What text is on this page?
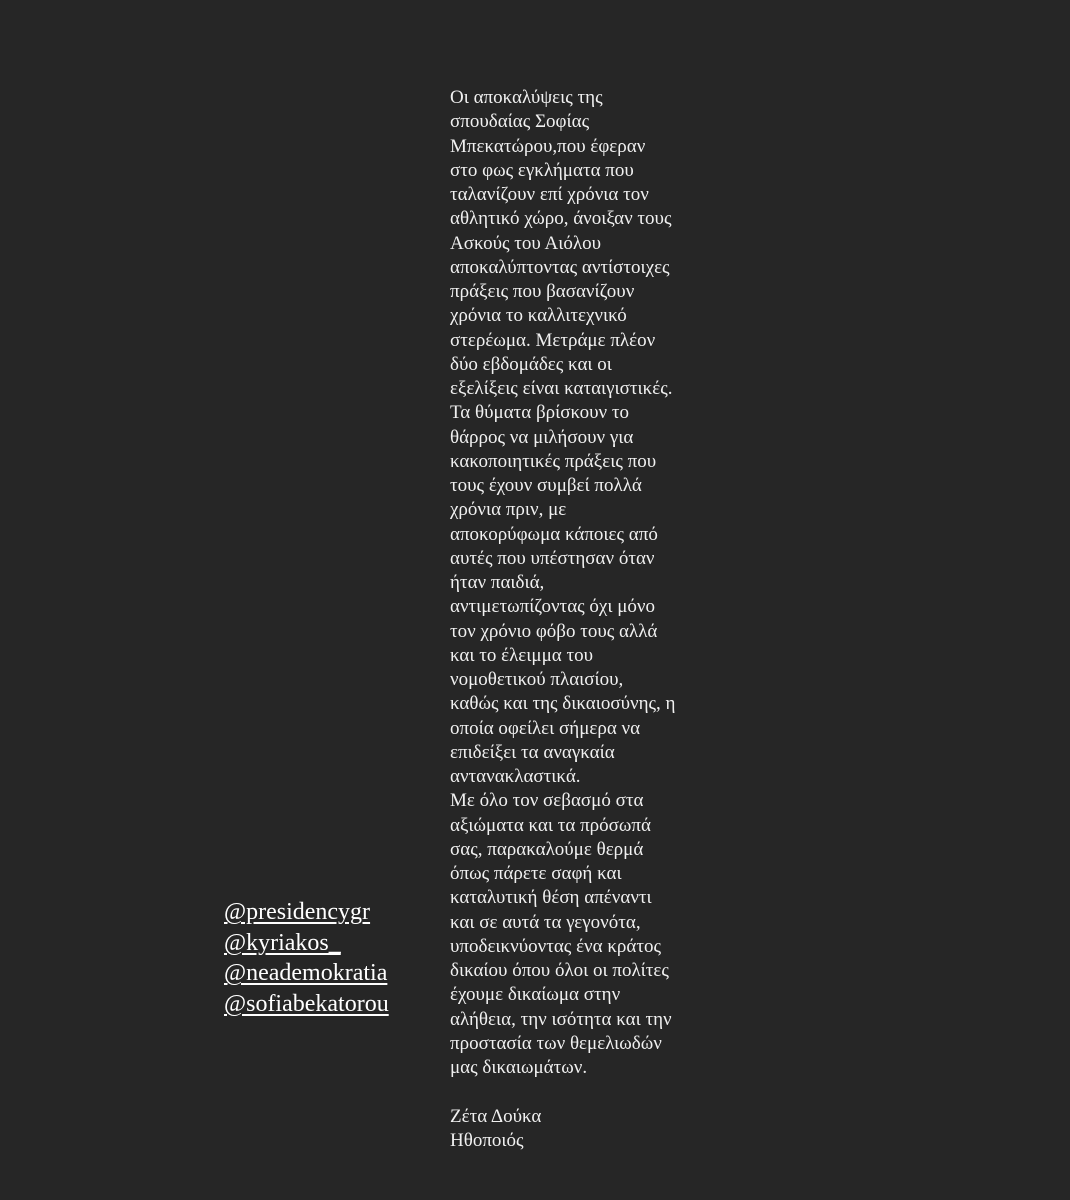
@presidencygr
@kyriakos_
@neademokratia
@sofiabekatorou
Οι αποκαλύψεις της
σπουδαίας Σοφίας
Μπεκατώρου,που έφεραν
στο φως εγκλήματα που
ταλανίζουν επί χρόνια τον
αθλητικό χώρο, άνοιξαν τους
Ασκούς του Αιόλου
αποκαλύπτοντας αντίστοιχες
πράξεις που βασανίζουν
χρόνια το καλλιτεχνικό
στερέωμα. Μετράμε πλέον
δύο εβδομάδες και οι
εξελίξεις είναι καταιγιστικές.
Τα θύματα βρίσκουν το
θάρρος να μιλήσουν για
κακοποιητικές πράξεις που
τους έχουν συμβεί πολλά
χρόνια πριν, με
αποκορύφωμα κάποιες από
αυτές που υπέστησαν όταν
ήταν παιδιά,
αντιμετωπίζοντας όχι μόνο
τον χρόνιο φόβο τους αλλά
και το έλειμμα του
νομοθετικού πλαισίου,
καθώς και της δικαιοσύνης, η
οποία οφείλει σήμερα να
επιδείξει τα αναγκαία
αντανακλαστικά.
Με όλο τον σεβασμό στα
αξιώματα και τα πρόσωπά
σας, παρακαλούμε θερμά
όπως πάρετε σαφή και
καταλυτική θέση απέναντι
και σε αυτά τα γεγονότα,
υποδεικνύοντας ένα κράτος
δικαίου όπου όλοι οι πολίτες
έχουμε δικαίωμα στην
αλήθεια, την ισότητα και την
προστασία των θεμελιωδών
μας δικαιωμάτων.
Ζέτα Δούκα
Ηθοποιός
